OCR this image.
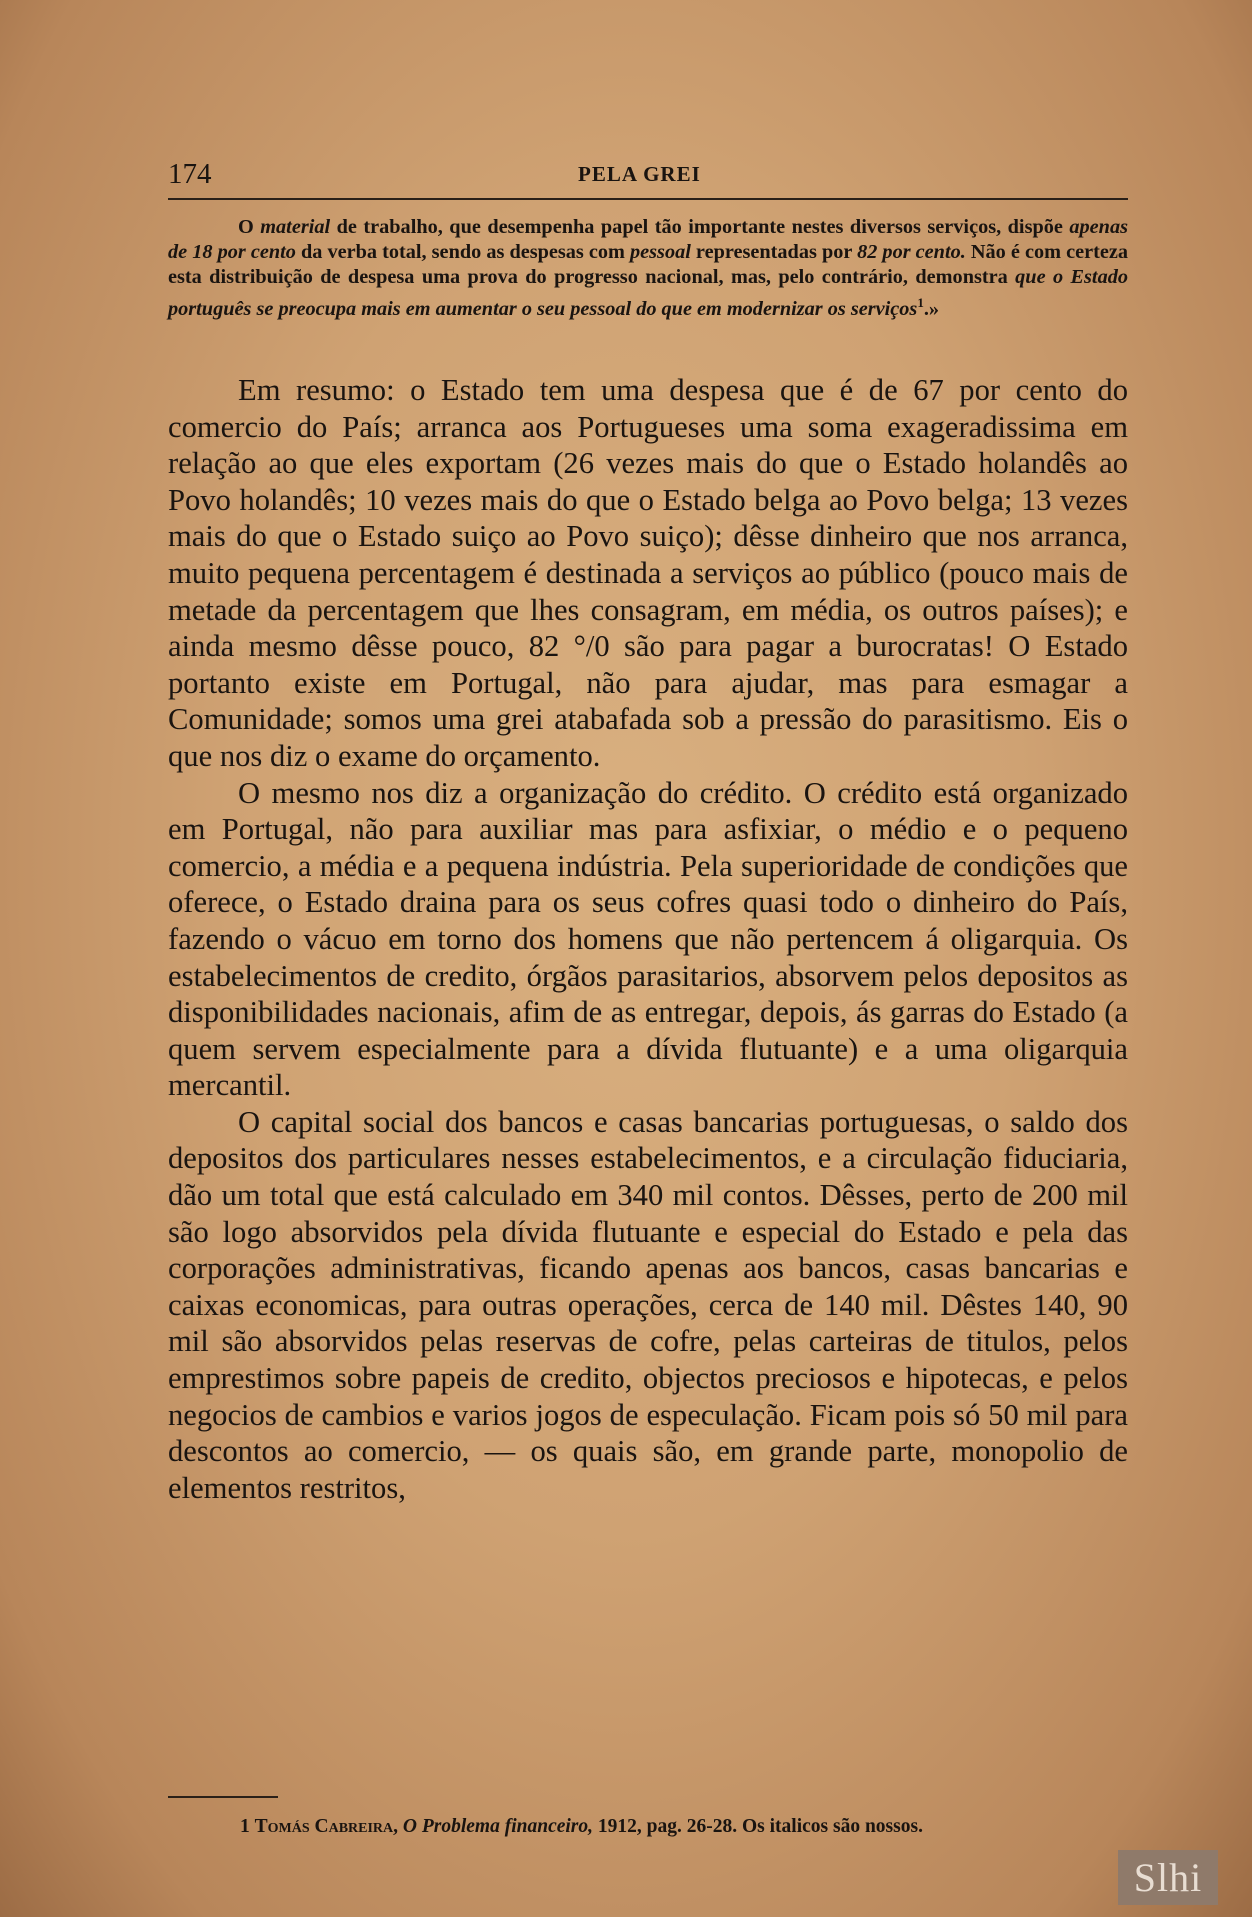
174	PELA GREI
O material de trabalho, que desempenha papel tão importante nestes diversos serviços, dispõe apenas de 18 por cento da verba total, sendo as despesas com pessoal representadas por 82 por cento. Não é com certeza esta distribuição de despesa uma prova do progresso nacional, mas, pelo contrário, demonstra que o Estado português se preocupa mais em aumentar o seu pessoal do que em modernizar os serviços$^1$.»

Em resumo: o Estado tem uma despesa que é de 67 por cento do comercio do País; arranca aos Portugueses uma soma exageradissima em relação ao que eles exportam (26 vezes mais do que o Estado holandês ao Povo holandês; 10 vezes mais do que o Estado belga ao Povo belga; 13 vezes mais do que o Estado suiço ao Povo suiço); dêsse dinheiro que nos arranca, muito pequena percentagem é destinada a serviços ao público (pouco mais de metade da percentagem que lhes consagram, em média, os outros países); e ainda mesmo dêsse pouco, 82 °/0 são para pagar a burocratas! O Estado portanto existe em Portugal, não para ajudar, mas para esmagar a Comunidade; somos uma grei atabafada sob a pressão do parasitismo. Eis o que nos diz o exame do orçamento.

O mesmo nos diz a organização do crédito. O crédito está organizado em Portugal, não para auxiliar mas para asfixiar, o médio e o pequeno comercio, a média e a pequena indústria. Pela superioridade de condições que oferece, o Estado draina para os seus cofres quasi todo o dinheiro do País, fazendo o vácuo em torno dos homens que não pertencem á oligarquia. Os estabelecimentos de credito, órgãos parasitarios, absorvem pelos depositos as disponibilidades nacionais, afim de as entregar, depois, ás garras do Estado (a quem servem especialmente para a dívida flutuante) e a uma oligarquia mercantil.

O capital social dos bancos e casas bancarias portuguesas, o saldo dos depositos dos particulares nesses estabelecimentos, e a circulação fiduciaria, dão um total que está calculado em 340 mil contos. Dêsses, perto de 200 mil são logo absorvidos pela dívida flutuante e especial do Estado e pela das corporações administrativas, ficando apenas aos bancos, casas bancarias e caixas economicas, para outras operações, cerca de 140 mil. Dêstes 140, 90 mil são absorvidos pelas reservas de cofre, pelas carteiras de titulos, pelos emprestimos sobre papeis de credito, objectos preciosos e hipotecas, e pelos negocios de cambios e varios jogos de especulação. Ficam pois só 50 mil para descontos ao comercio, — os quais são, em grande parte, monopolio de elementos restritos,

1 Tomás Cabreira, O Problema financeiro, 1912, pag. 26-28. Os italicos são nossos.
Slhi
